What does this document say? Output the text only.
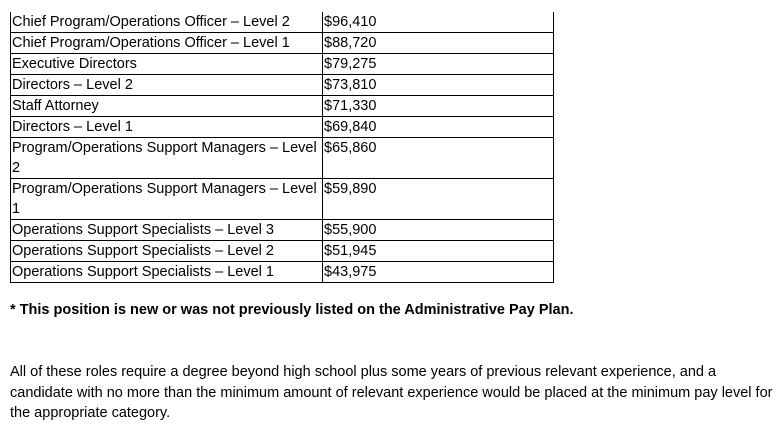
Chief Program/Operations Officer – Level 2	$96,410
Chief Program/Operations Officer – Level 1	$88,720
Executive Directors	$79,275
Directors – Level 2	$73,810
Staff Attorney	$71,330
Directors – Level 1	$69,840
Program/Operations Support Managers – Level 2	$65,860
Program/Operations Support Managers – Level 1	$59,890
Operations Support Specialists – Level 3	$55,900
Operations Support Specialists – Level 2	$51,945
Operations Support Specialists – Level 1	$43,975

* This position is new or was not previously listed on the Administrative Pay Plan.

All of these roles require a degree beyond high school plus some years of previous relevant experience, and a candidate with no more than the minimum amount of relevant experience would be placed at the minimum pay level for the appropriate category.
